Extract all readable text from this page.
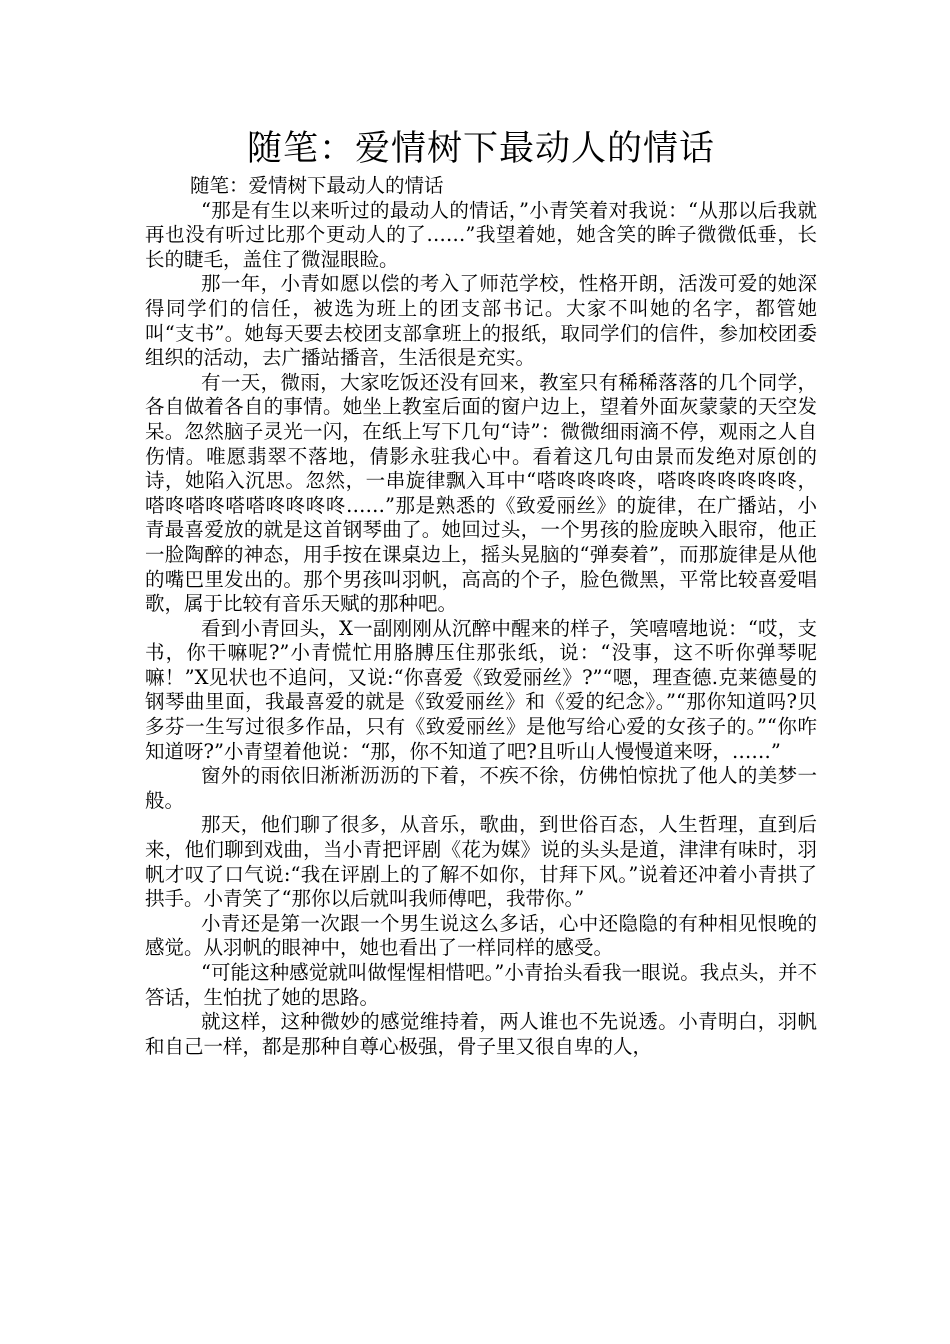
随笔：爱情树下最动人的情话

随笔：爱情树下最动人的情话

“那是有生以来听过的最动人的情话，”小青笑着对我说：“从那以后我就再也没有听过比那个更动人的了……”我望着她，她含笑的眸子微微低垂，长长的睫毛，盖住了微湿眼睑。

那一年，小青如愿以偿的考入了师范学校，性格开朗，活泼可爱的她深得同学们的信任，被选为班上的团支部书记。大家不叫她的名字，都管她叫“支书”。她每天要去校团支部拿班上的报纸，取同学们的信件，参加校团委组织的活动，去广播站播音，生活很是充实。

有一天，微雨，大家吃饭还没有回来，教室只有稀稀落落的几个同学，各自做着各自的事情。她坐上教室后面的窗户边上，望着外面灰蒙蒙的天空发呆。忽然脑子灵光一闪，在纸上写下几句“诗”：微微细雨滴不停，观雨之人自伤情。唯愿翡翠不落地，倩影永驻我心中。看着这几句由景而发绝对原创的诗，她陷入沉思。忽然，一串旋律飘入耳中“嗒咚咚咚咚，嗒咚咚咚咚咚咚，嗒咚嗒咚嗒嗒咚咚咚咚……”那是熟悉的《致爱丽丝》的旋律，在广播站，小青最喜爱放的就是这首钢琴曲了。她回过头，一个男孩的脸庞映入眼帘，他正一脸陶醉的神态，用手按在课桌边上，摇头晃脑的“弹奏着”，而那旋律是从他的嘴巴里发出的。那个男孩叫羽帆，高高的个子，脸色微黑，平常比较喜爱唱歌，属于比较有音乐天赋的那种吧。

看到小青回头，X一副刚刚从沉醉中醒来的样子，笑嘻嘻地说：“哎，支书，你干嘛呢?”小青慌忙用胳膊压住那张纸，说：“没事，这不听你弹琴呢嘛！”X见状也不追问，又说:“你喜爱《致爱丽丝》?”“嗯，理查德.克莱德曼的钢琴曲里面，我最喜爱的就是《致爱丽丝》和《爱的纪念》。”“那你知道吗?贝多芬一生写过很多作品，只有《致爱丽丝》是他写给心爱的女孩子的。”“你咋知道呀?”小青望着他说：“那，你不知道了吧?且听山人慢慢道来呀，……”

窗外的雨依旧淅淅沥沥的下着，不疾不徐，仿佛怕惊扰了他人的美梦一般。

那天，他们聊了很多，从音乐，歌曲，到世俗百态，人生哲理，直到后来，他们聊到戏曲，当小青把评剧《花为媒》说的头头是道，津津有味时，羽帆才叹了口气说:“我在评剧上的了解不如你，甘拜下风。”说着还冲着小青拱了拱手。小青笑了“那你以后就叫我师傅吧，我带你。”

小青还是第一次跟一个男生说这么多话，心中还隐隐的有种相见恨晚的感觉。从羽帆的眼神中，她也看出了一样同样的感受。

“可能这种感觉就叫做惺惺相惜吧。”小青抬头看我一眼说。我点头，并不答话，生怕扰了她的思路。

就这样，这种微妙的感觉维持着，两人谁也不先说透。小青明白，羽帆和自己一样，都是那种自尊心极强，骨子里又很自卑的人，
